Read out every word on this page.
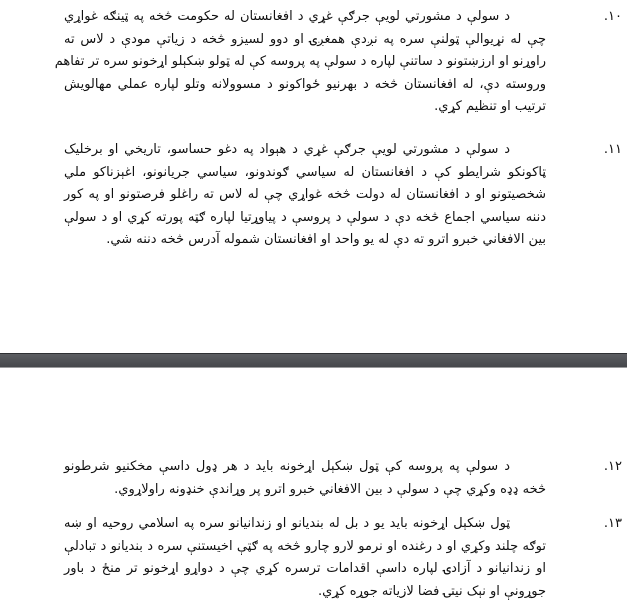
۱۰.
د سولې د مشورتي لويې جرګې غړي د افغانستان له حکومت څخه په ټينګه غواړي
چې له نړيوالې ټولنې سره په نږدې همغږۍ او دوو لسيزو څخه د زياتې مودې د لاس ته
راوړنو او ارزښتونو د ساتنې لپاره د سولې په پروسه کې له ټولو ښکېلو اړخونو سره تر تفاهم
وروسته دې، له افغانستان څخه د بهرنيو ځواکونو د مسوولانه وتلو لپاره عملي مهالويش
ترتيب او تنظيم کړي.
۱۱.
د سولې د مشورتي لويې جرګې غړي د هېواد په دغو حساسو، تاريخي او برخليک
ټاکونکو شرايطو کې د افغانستان له سياسي ګوندونو، سياسي جريانونو، اغېزناکو ملي
شخصيتونو او د افغانستان له دولت څخه غواړي چې له لاس ته راغلو فرصتونو او په کور
دننه سياسي اجماع څخه دې د سولې د پروسې د پياوړتيا لپاره ګټه پورته کړي او د سولې
بين الافغاني خبرو اترو ته دې له يو واحد او افغانستان شموله آدرس څخه دننه شي.
۱۲.
د سولې په پروسه کې ټول ښکېل اړخونه بايد د هر ډول داسې مخکنيو شرطونو
څخه ډډه وکړي چې د سولې د بين الافغاني خبرو اترو پر وړاندې خنډونه راولاړوي.
۱۳.
ټول ښکېل اړخونه بايد يو د بل له بنديانو او زندانيانو سره په اسلامي روحيه او ښه
توګه چلند وکړي او د رغنده او نرمو لارو چارو څخه په ګټې اخيستنې سره د بنديانو د تبادلې
او زندانيانو د آزادۍ لپاره داسې اقدامات ترسره کړي چې د دواړو اړخونو تر منځ د باور
جوړونې او نېک نيتۍ فضا لازياته جوړه کړي.
